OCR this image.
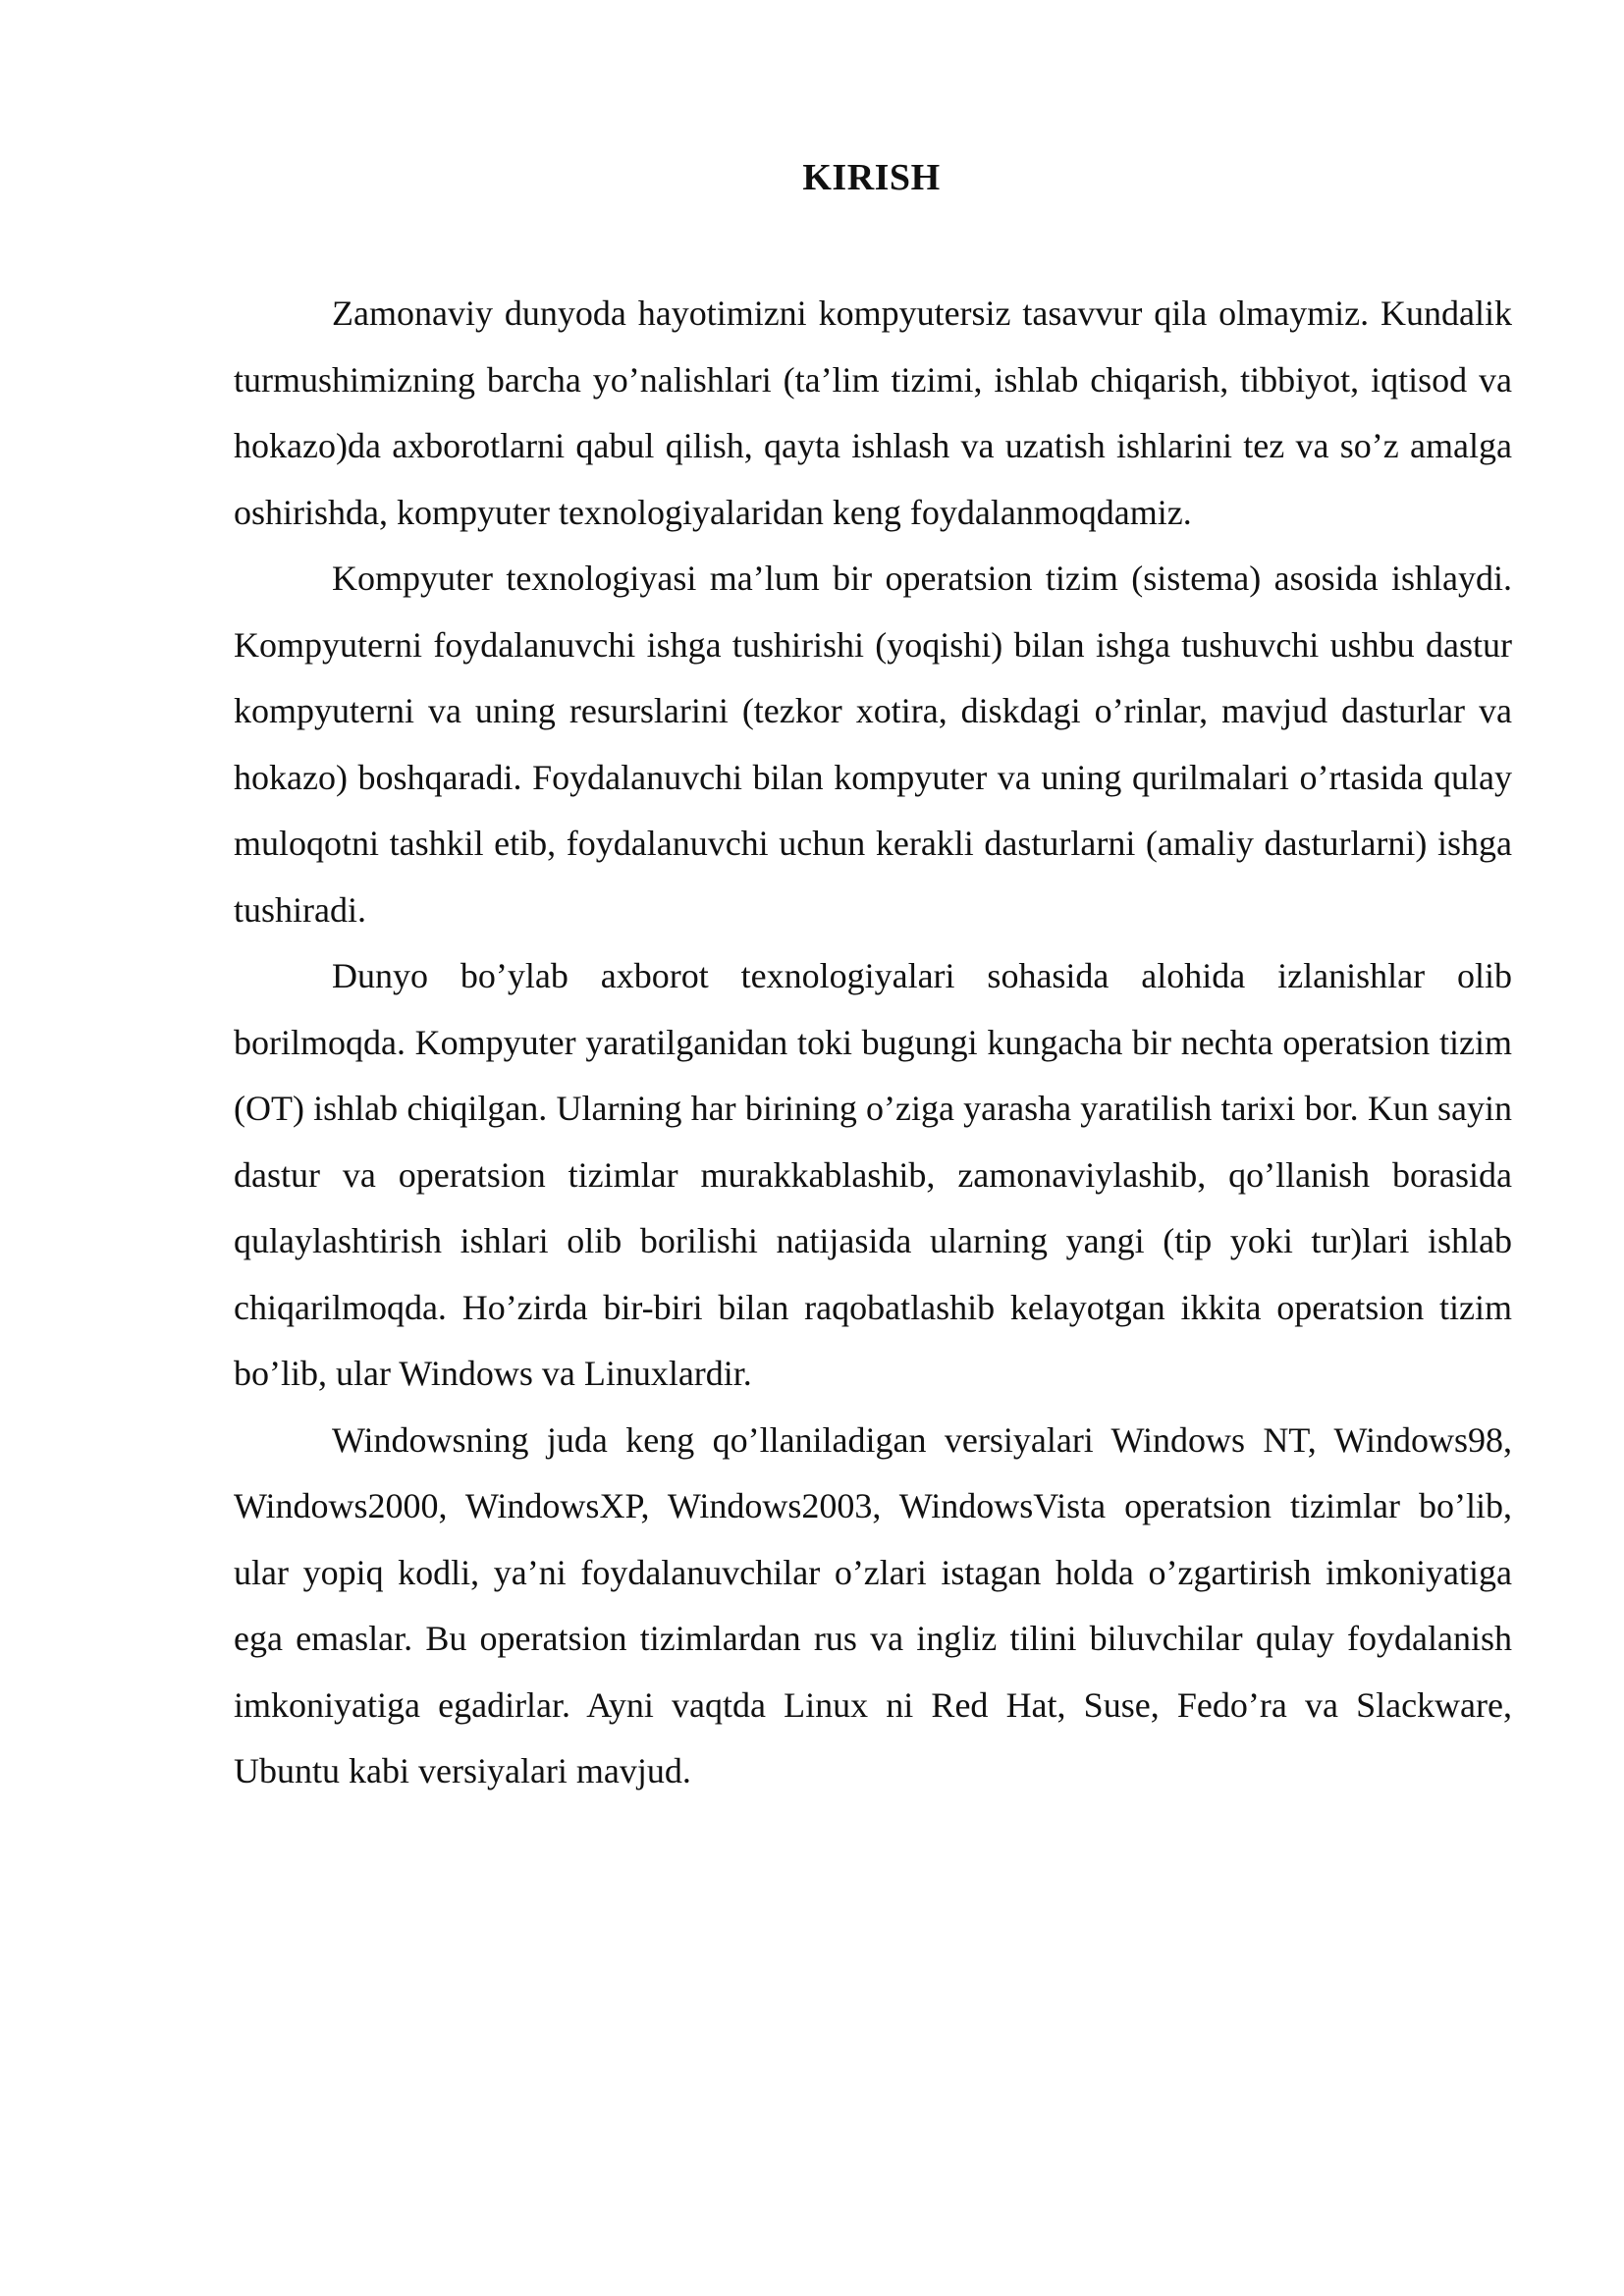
KIRISH

Zamonaviy dunyoda hayotimizni kompyutersiz tasavvur qila olmaymiz. Kundalik turmushimizning barcha yo’nalishlari (ta’lim tizimi, ishlab chiqarish, tibbiyot, iqtisod va hokazo)da axborotlarni qabul qilish, qayta ishlash va uzatish ishlarini tez va so’z amalga oshirishda, kompyuter texnologiyalaridan keng foydalanmoqdamiz.

Kompyuter texnologiyasi ma’lum bir operatsion tizim (sistema) asosida ishlaydi. Kompyuterni foydalanuvchi ishga tushirishi (yoqishi) bilan ishga tushuvchi ushbu dastur kompyuterni va uning resurslarini (tezkor xotira, diskdagi o’rinlar, mavjud dasturlar va hokazo) boshqaradi. Foydalanuvchi bilan kompyuter va uning qurilmalari o’rtasida qulay muloqotni tashkil etib, foydalanuvchi uchun kerakli dasturlarni (amaliy dasturlarni) ishga tushiradi.

Dunyo bo’ylab axborot texnologiyalari sohasida alohida izlanishlar olib borilmoqda. Kompyuter yaratilganidan toki bugungi kungacha bir nechta operatsion tizim (OT) ishlab chiqilgan. Ularning har birining o’ziga yarasha yaratilish tarixi bor. Kun sayin dastur va operatsion tizimlar murakkablashib, zamonaviylashib, qo’llanish borasida qulaylashtirish ishlari olib borilishi natijasida ularning yangi (tip yoki tur)lari ishlab chiqarilmoqda. Ho’zirda bir-biri bilan raqobatlashib kelayotgan ikkita operatsion tizim bo’lib, ular Windows va Linuxlardir.

Windowsning juda keng qo’llaniladigan versiyalari Windows NT, Windows98, Windows2000, WindowsXP, Windows2003, WindowsVista operatsion tizimlar bo’lib, ular yopiq kodli, ya’ni foydalanuvchilar o’zlari istagan holda o’zgartirish imkoniyatiga ega emaslar. Bu operatsion tizimlardan rus va ingliz tilini biluvchilar qulay foydalanish imkoniyatiga egadirlar. Ayni vaqtda Linux ni Red Hat, Suse, Fedo’ra va Slackware, Ubuntu kabi versiyalari mavjud.
